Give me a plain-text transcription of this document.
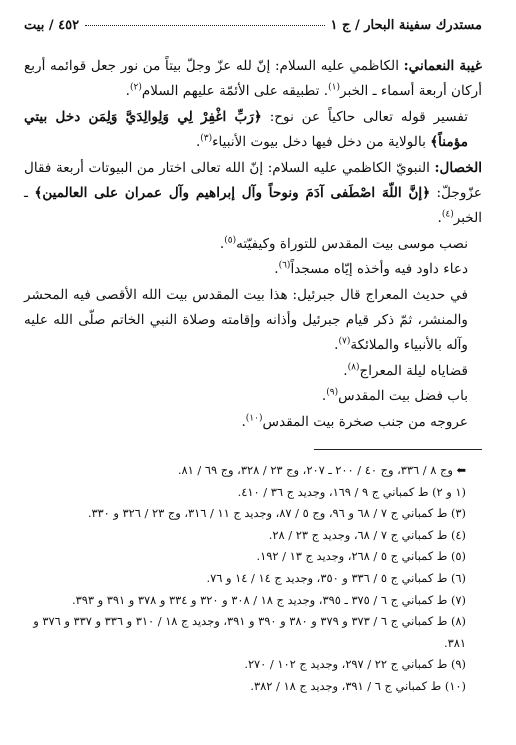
مستدرك سفينة البحار / ج ١
٤٥٢ / بيت

غيبة النعماني: الكاظمي عليه السلام: إنّ لله عزّ وجلّ بيتاً من نور جعل قوائمه أربع أركان أربعة أسماء ـ الخبر$^{(١)}$. تطبيقه على الأئمّة عليهم السلام$^{(٢)}$.

تفسير قوله تعالى حاكياً عن نوح: ﴿رَبِّ اغْفِرْ لِي وَلِوالِدَيَّ وَلِمَن دخل بيتي مؤمناً﴾ بالولاية من دخل فيها دخل بيوت الأنبياء$^{(٣)}$.

الخصال: النبويّ الكاظمي عليه السلام: إنّ الله تعالى اختار من البيوتات أربعة فقال عزّوجلّ: ﴿إنَّ اللّهَ اصْطَفى آدَمَ ونوحاً وآل إبراهيم وآل عمران على العالمين﴾ ـ الخبر$^{(٤)}$.

نصب موسى بيت المقدس للتوراة وكيفيّته$^{(٥)}$.

دعاء داود فيه وأخذه إيّاه مسجداً$^{(٦)}$.

في حديث المعراج قال جبرئيل: هذا بيت المقدس بيت الله الأقصى فيه المحشر والمنشر، ثمّ ذكر قيام جبرئيل وأذانه وإقامته وصلاة النبي الخاتم صلّى الله عليه وآله بالأنبياء والملائكة$^{(٧)}$.

قضاياه ليلة المعراج$^{(٨)}$.

باب فضل بيت المقدس$^{(٩)}$.

عروجه من جنب صخرة بيت المقدس$^{(١٠)}$.

⬅ وج ٨ / ٣٣٦، وج ٤٠ / ٢٠٠ ـ ٢٠٧، وج ٢٣ / ٣٢٨، وج ٦٩ / ٨١.

(١ و ٢) ط كمباني ج ٩ / ١٦٩، وجديد ج ٣٦ / ٤١٠.

(٣) ط كمباني ج ٧ / ٦٨ و ٩٦، وج ٥ / ٨٧، وجديد ج ١١ / ٣١٦، وج ٢٣ / ٣٢٦ و ٣٣٠.

(٤) ط كمباني ج ٧ / ٦٨، وجديد ج ٢٣ / ٢٨.

(٥) ط كمباني ج ٥ / ٢٦٨، وجديد ج ١٣ / ١٩٢.

(٦) ط كمباني ج ٥ / ٣٣٦ و ٣٥٠، وجديد ج ١٤ / ١٤ و ٧٦.

(٧) ط كمباني ج ٦ / ٣٧٥ ـ ٣٩٥، وجديد ج ١٨ / ٣٠٨ و ٣٢٠ و ٣٣٤ و ٣٧٨ و ٣٩١ و ٣٩٣.

(٨) ط كمباني ج ٦ / ٣٧٣ و ٣٧٩ و ٣٨٠ و ٣٩٠ و ٣٩١، وجديد ج ١٨ / ٣١٠ و ٣٣٦ و ٣٣٧ و ٣٧٦ و ٣٨١.

(٩) ط كمباني ج ٢٢ / ٢٩٧، وجديد ج ١٠٢ / ٢٧٠.

(١٠) ط كمباني ج ٦ / ٣٩١، وجديد ج ١٨ / ٣٨٢.
